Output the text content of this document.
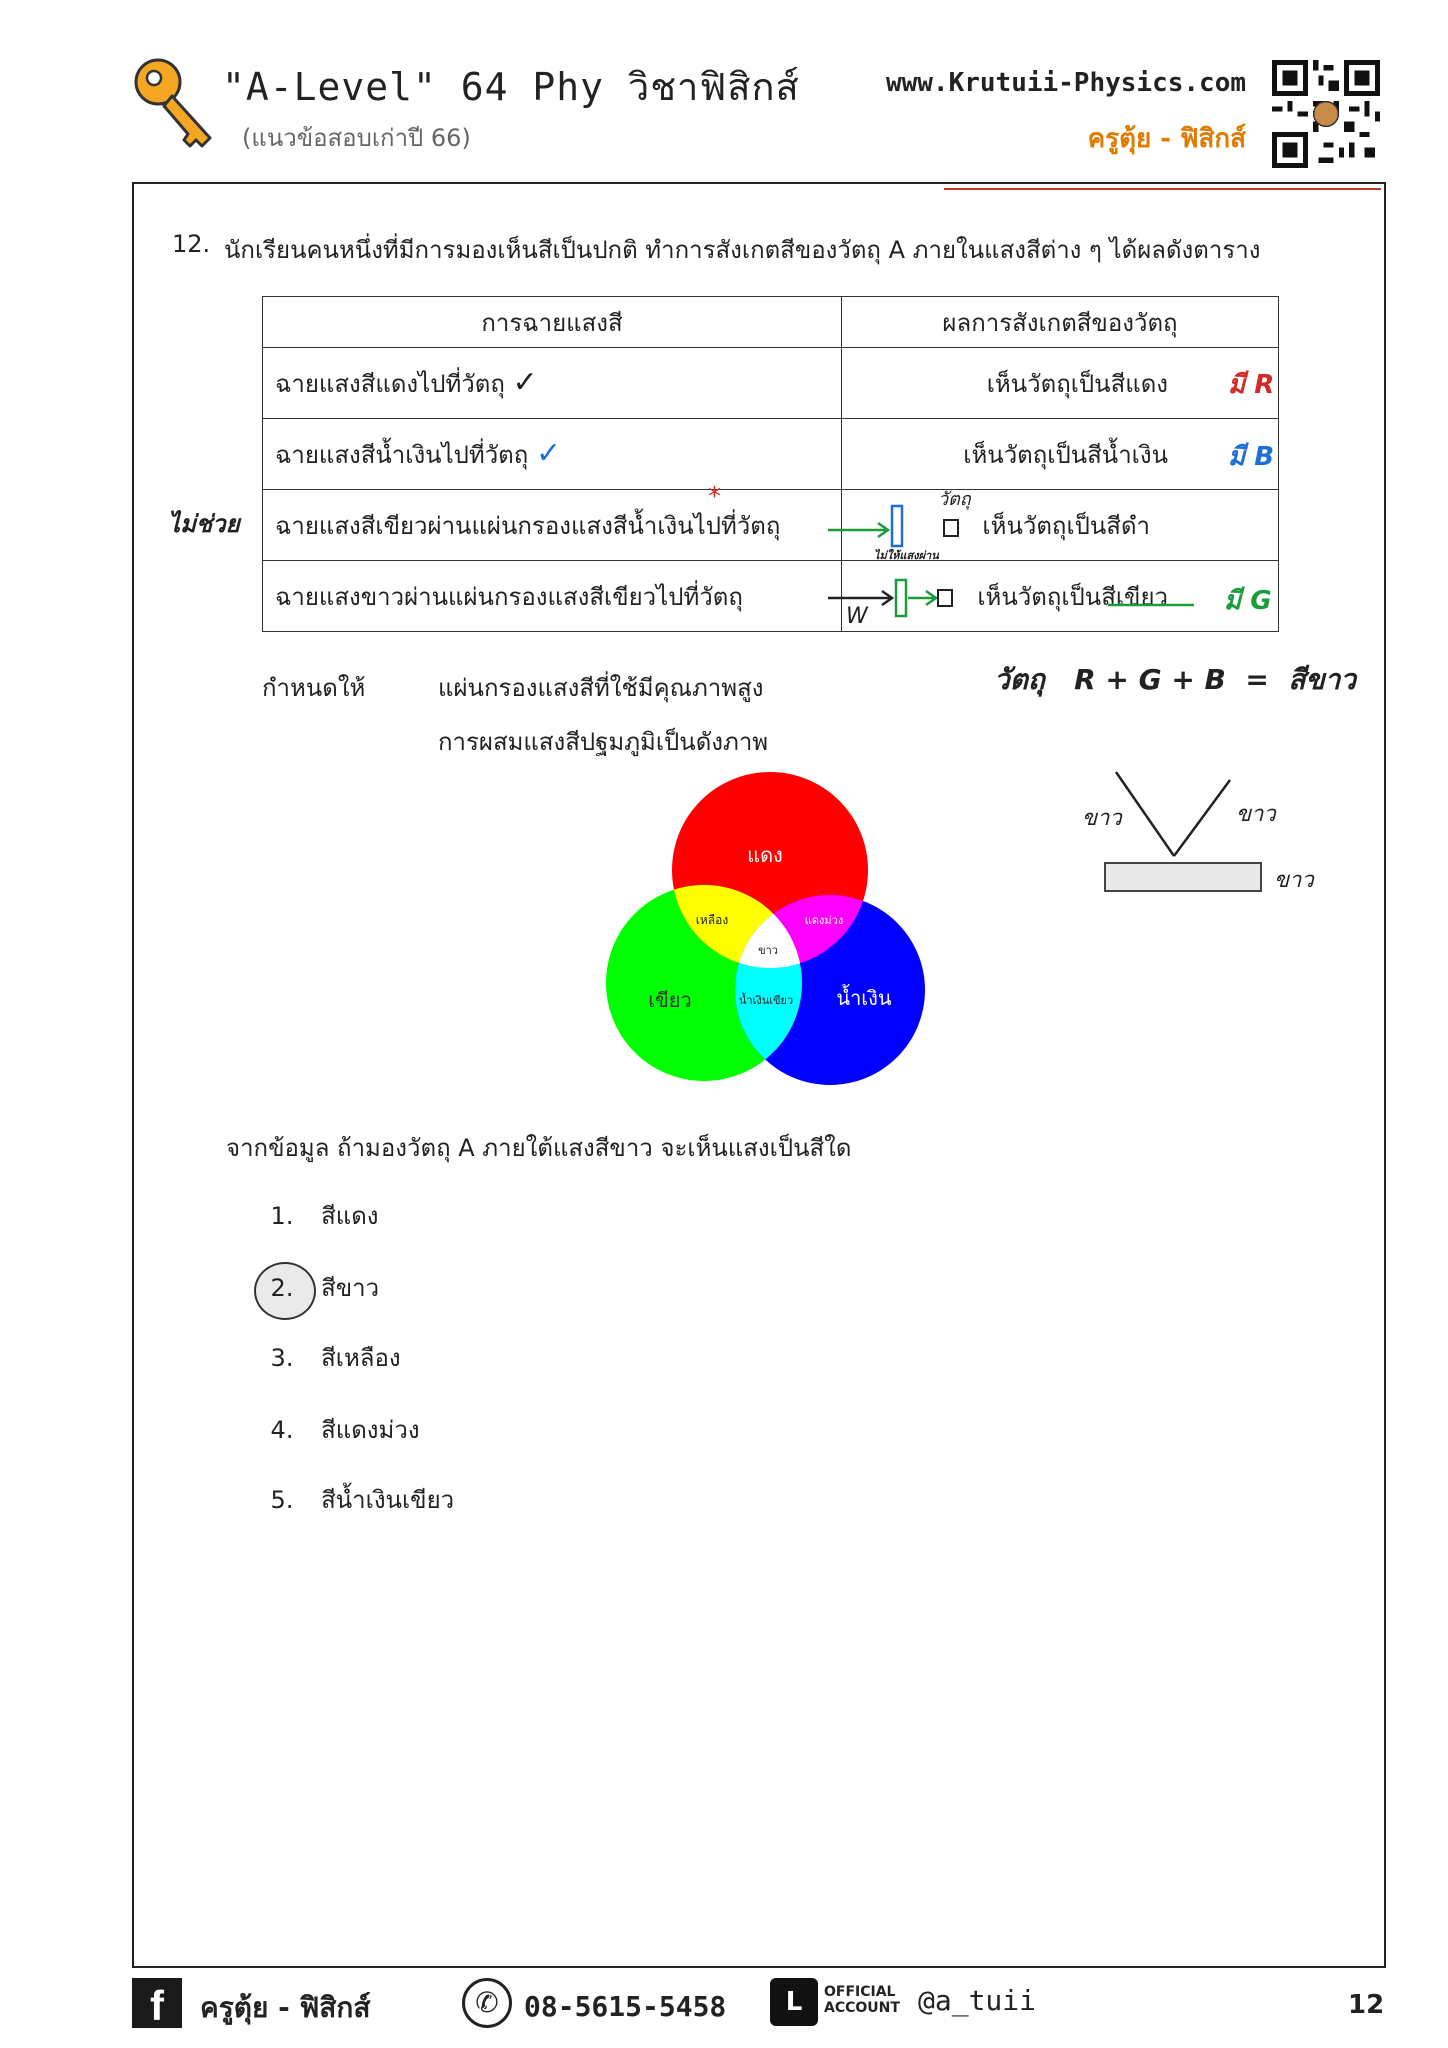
"A-Level" 64 Phy วิชาฟิสิกส์
(แนวข้อสอบเก่าปี 66)
www.Krutuii-Physics.com
ครูตุ้ย - ฟิสิกส์
12. นักเรียนคนหนึ่งที่มีการมองเห็นสีเป็นปกติ ทำการสังเกตสีของวัตถุ A ภายในแสงสีต่าง ๆ ได้ผลดังตาราง
การฉายแสงสี	ผลการสังเกตสีของวัตถุ
ฉายแสงสีแดงไปที่วัตถุ ✓	เห็นวัตถุเป็นสีแดง
ฉายแสงสีน้ำเงินไปที่วัตถุ ✓	เห็นวัตถุเป็นสีน้ำเงิน
ฉายแสงสีเขียวผ่านแผ่นกรองแสงสีน้ำเงินไปที่วัตถุ	เห็นวัตถุเป็นสีดำ
ฉายแสงขาวผ่านแผ่นกรองแสงสีเขียวไปที่วัตถุ	เห็นวัตถุเป็นสีเขียว
ไม่ช่วย
มี R
มี B
มี G
*	วัตถุ
ไม่ให้แสงผ่าน
W
กำหนดให้	แผ่นกรองแสงสีที่ใช้มีคุณภาพสูง
การผสมแสงสีปฐมภูมิเป็นดังภาพ
วัตถุ   R + G + B  =  สีขาว
ขาว	ขาว
ขาว
แดง
เขียว	น้ำเงิน
เหลือง	แดงม่วง
ขาว
น้ำเงินเขียว
จากข้อมูล ถ้ามองวัตถุ A ภายใต้แสงสีขาว จะเห็นแสงเป็นสีใด
1. สีแดง
2. สีขาว
3. สีเหลือง
4. สีแดงม่วง
5. สีน้ำเงินเขียว
f	ครูตุ้ย - ฟิสิกส์	✆ 08-5615-5458	L	OFFICIAL ACCOUNT @a_tuii	12
